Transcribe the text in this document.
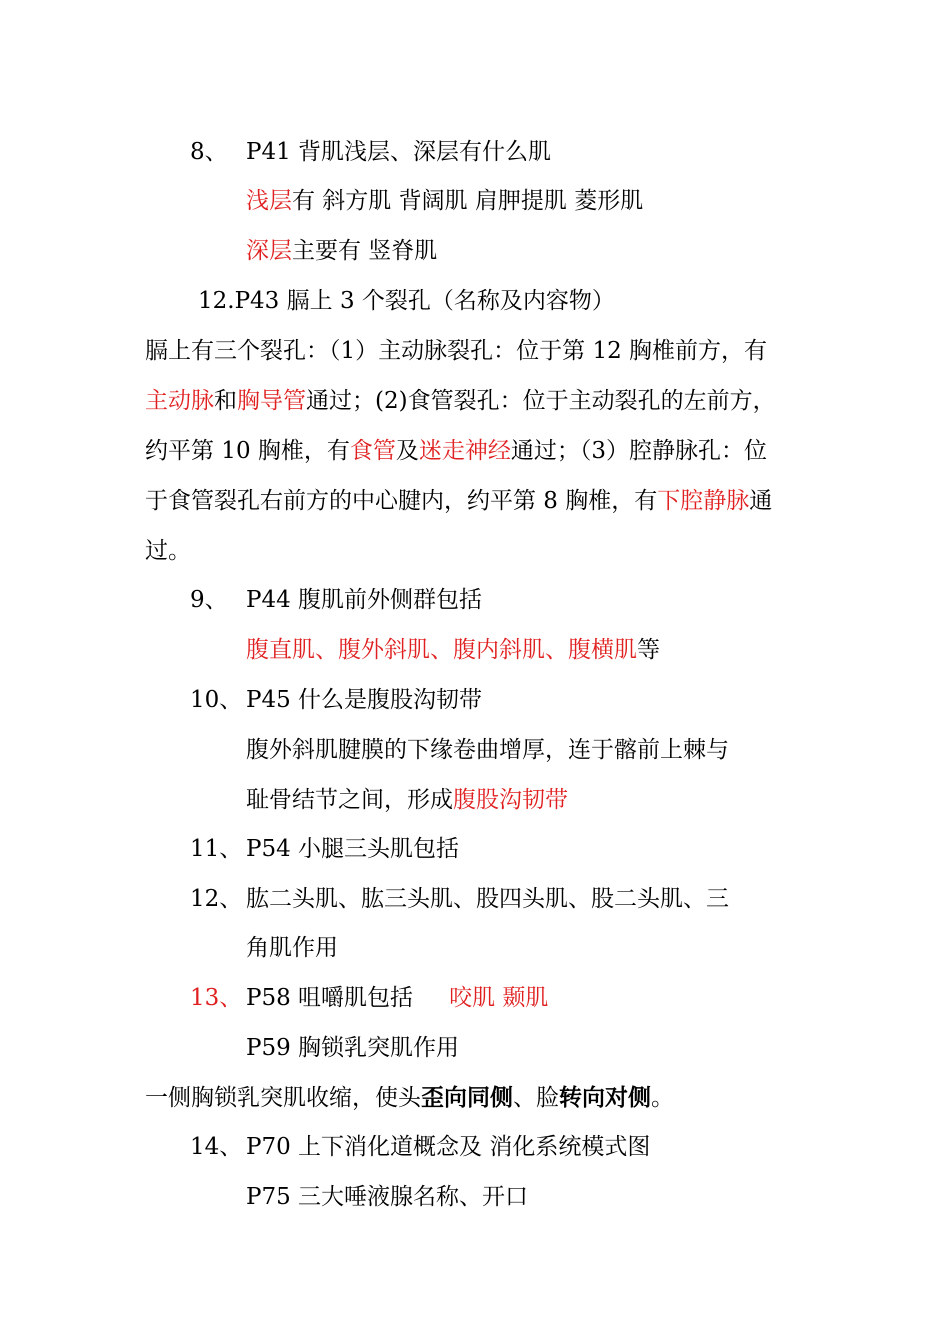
8、 P41 背肌浅层、深层有什么肌
浅层有 斜方肌 背阔肌 肩胛提肌 菱形肌
深层主要有 竖脊肌
12.P43 膈上 3 个裂孔（名称及内容物）
膈上有三个裂孔：（1）主动脉裂孔：位于第 12 胸椎前方，有
主动脉和胸导管通过；(2)食管裂孔：位于主动裂孔的左前方，
约平第 10 胸椎，有食管及迷走神经通过；（3）腔静脉孔：位
于食管裂孔右前方的中心腱内，约平第 8 胸椎，有下腔静脉通
过。
9、 P44 腹肌前外侧群包括
腹直肌、腹外斜肌、腹内斜肌、腹横肌等
10、 P45 什么是腹股沟韧带
腹外斜肌腱膜的下缘卷曲增厚，连于髂前上棘与
耻骨结节之间，形成腹股沟韧带
11、 P54 小腿三头肌包括
12、 肱二头肌、肱三头肌、股四头肌、股二头肌、三
角肌作用
13、 P58 咀嚼肌包括 咬肌 颞肌
P59 胸锁乳突肌作用
一侧胸锁乳突肌收缩，使头歪向同侧、脸转向对侧。
14、 P70 上下消化道概念及 消化系统模式图
P75 三大唾液腺名称、开口
